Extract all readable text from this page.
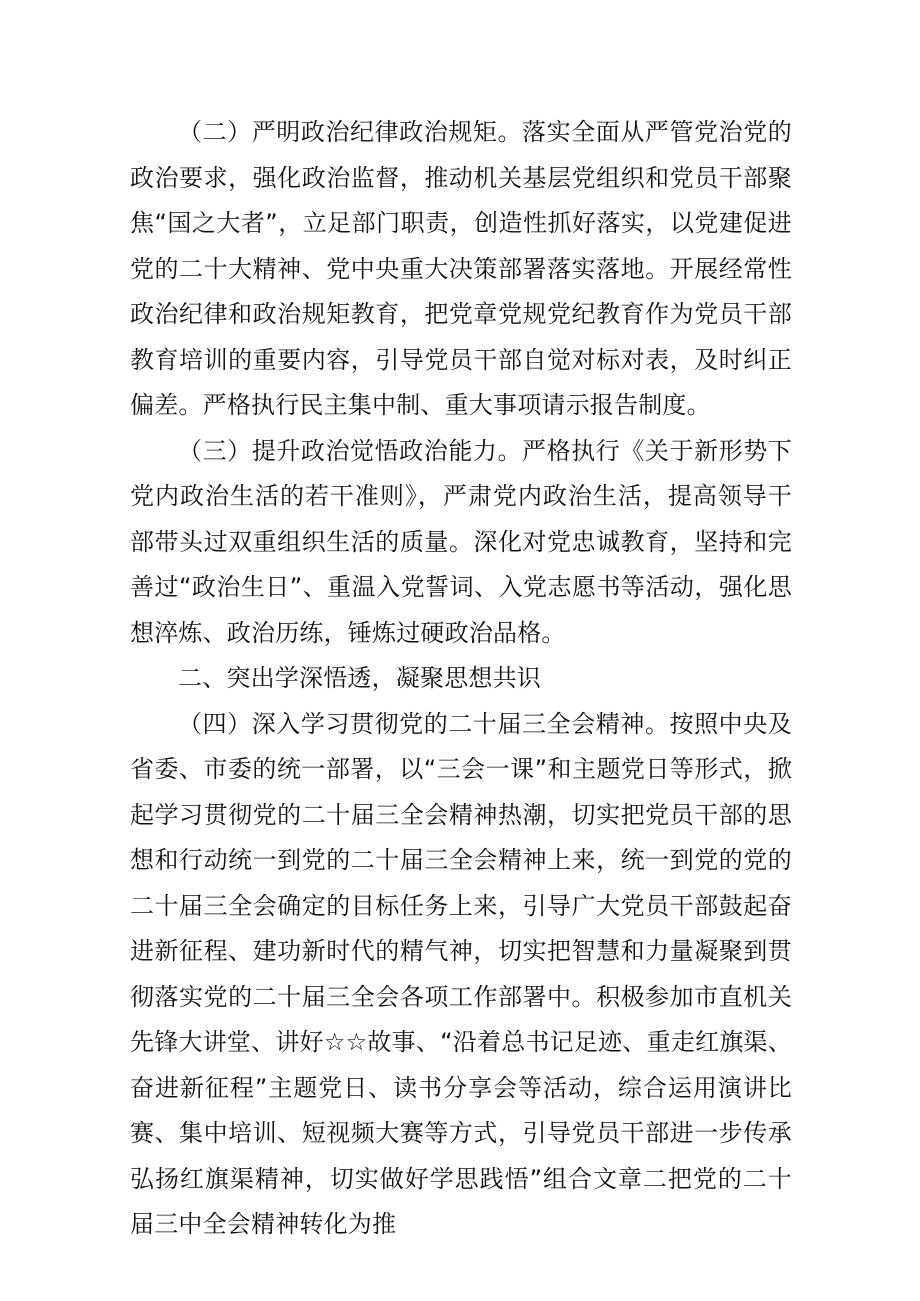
（二）严明政治纪律政治规矩。落实全面从严管党治党的政治要求，强化政治监督，推动机关基层党组织和党员干部聚焦“国之大者”，立足部门职责，创造性抓好落实，以党建促进党的二十大精神、党中央重大决策部署落实落地。开展经常性政治纪律和政治规矩教育，把党章党规党纪教育作为党员干部教育培训的重要内容，引导党员干部自觉对标对表，及时纠正偏差。严格执行民主集中制、重大事项请示报告制度。

（三）提升政治觉悟政治能力。严格执行《关于新形势下党内政治生活的若干准则》，严肃党内政治生活，提高领导干部带头过双重组织生活的质量。深化对党忠诚教育，坚持和完善过“政治生日”、重温入党誓词、入党志愿书等活动，强化思想淬炼、政治历练，锤炼过硬政治品格。

二、突出学深悟透，凝聚思想共识

（四）深入学习贯彻党的二十届三全会精神。按照中央及省委、市委的统一部署，以“三会一课”和主题党日等形式，掀起学习贯彻党的二十届三全会精神热潮，切实把党员干部的思想和行动统一到党的二十届三全会精神上来，统一到党的党的二十届三全会确定的目标任务上来，引导广大党员干部鼓起奋进新征程、建功新时代的精气神，切实把智慧和力量凝聚到贯彻落实党的二十届三全会各项工作部署中。积极参加市直机关先锋大讲堂、讲好☆☆故事、“沿着总书记足迹、重走红旗渠、奋进新征程”主题党日、读书分享会等活动，综合运用演讲比赛、集中培训、短视频大赛等方式，引导党员干部进一步传承弘扬红旗渠精神，切实做好学思践悟”组合文章二把党的二十届三中全会精神转化为推
